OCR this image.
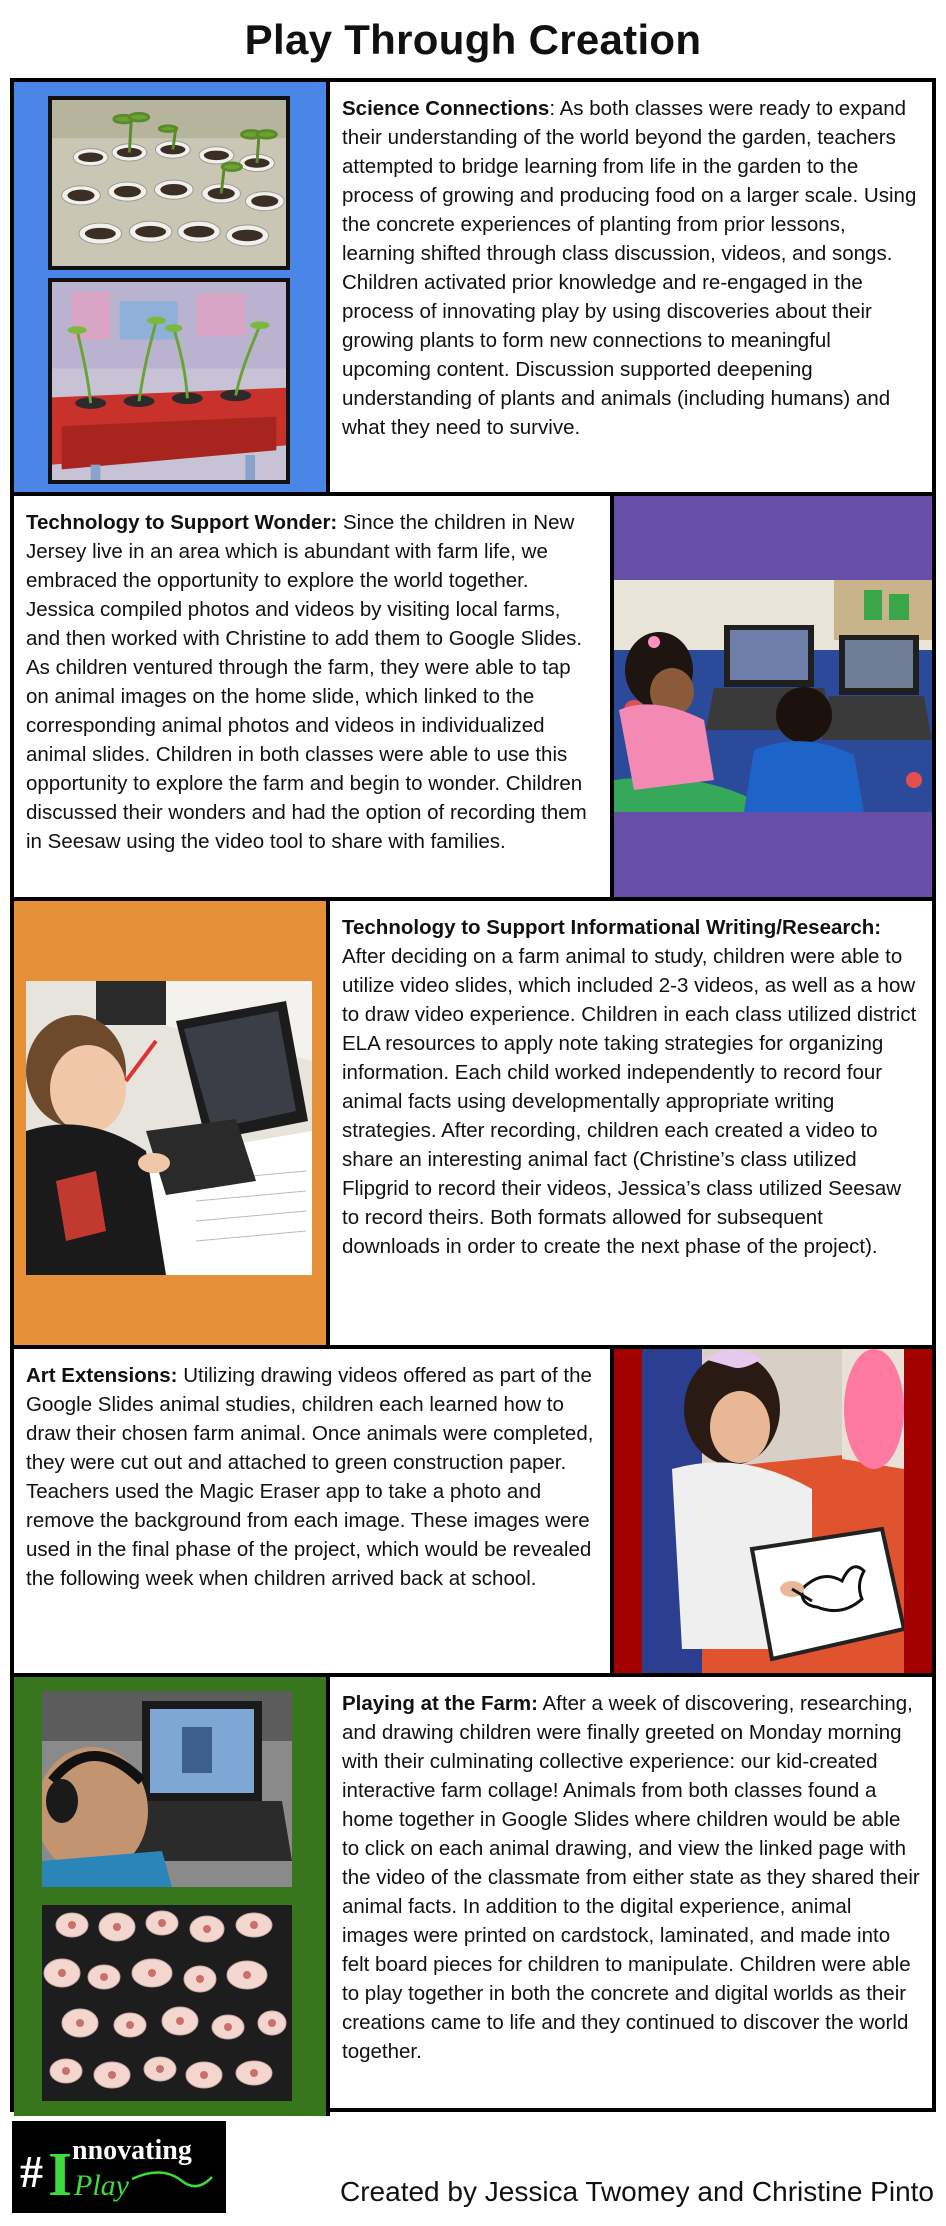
Play Through Creation
Science Connections: As both classes were ready to expand their understanding of the world beyond the garden, teachers attempted to bridge learning from life in the garden to the process of growing and producing food on a larger scale. Using the concrete experiences of planting from prior lessons, learning shifted through class discussion, videos, and songs. Children activated prior knowledge and re-engaged in the process of innovating play by using discoveries about their growing plants to form new connections to meaningful upcoming content. Discussion supported deepening understanding of plants and animals (including humans) and what they need to survive.
Technology to Support Wonder: Since the children in New Jersey live in an area which is abundant with farm life, we embraced the opportunity to explore the world together. Jessica compiled photos and videos by visiting local farms, and then worked with Christine to add them to Google Slides. As children ventured through the farm, they were able to tap on animal images on the home slide, which linked to the corresponding animal photos and videos in individualized animal slides. Children in both classes were able to use this opportunity to explore the farm and begin to wonder. Children discussed their wonders and had the option of recording them in Seesaw using the video tool to share with families.
Technology to Support Informational Writing/Research: After deciding on a farm animal to study, children were able to utilize video slides, which included 2-3 videos, as well as a how to draw video experience. Children in each class utilized district ELA resources to apply note taking strategies for organizing information. Each child worked independently to record four animal facts using developmentally appropriate writing strategies. After recording, children each created a video to share an interesting animal fact (Christine’s class utilized Flipgrid to record their videos, Jessica’s class utilized Seesaw to record theirs. Both formats allowed for subsequent downloads in order to create the next phase of the project).
Art Extensions: Utilizing drawing videos offered as part of the Google Slides animal studies, children each learned how to draw their chosen farm animal. Once animals were completed, they were cut out and attached to green construction paper. Teachers used the Magic Eraser app to take a photo and remove the background from each image. These images were used in the final phase of the project, which would be revealed the following week when children arrived back at school.
Playing at the Farm: After a week of discovering, researching, and drawing children were finally greeted on Monday morning with their culminating collective experience: our kid-created interactive farm collage! Animals from both classes found a home together in Google Slides where children would be able to click on each animal drawing, and view the linked page with the video of the classmate from either state as they shared their animal facts. In addition to the digital experience, animal images were printed on cardstock, laminated, and made into felt board pieces for children to manipulate. Children were able to play together in both the concrete and digital worlds as their creations came to life and they continued to discover the world together.
# I nnovating
Play	Created by Jessica Twomey and Christine Pinto
